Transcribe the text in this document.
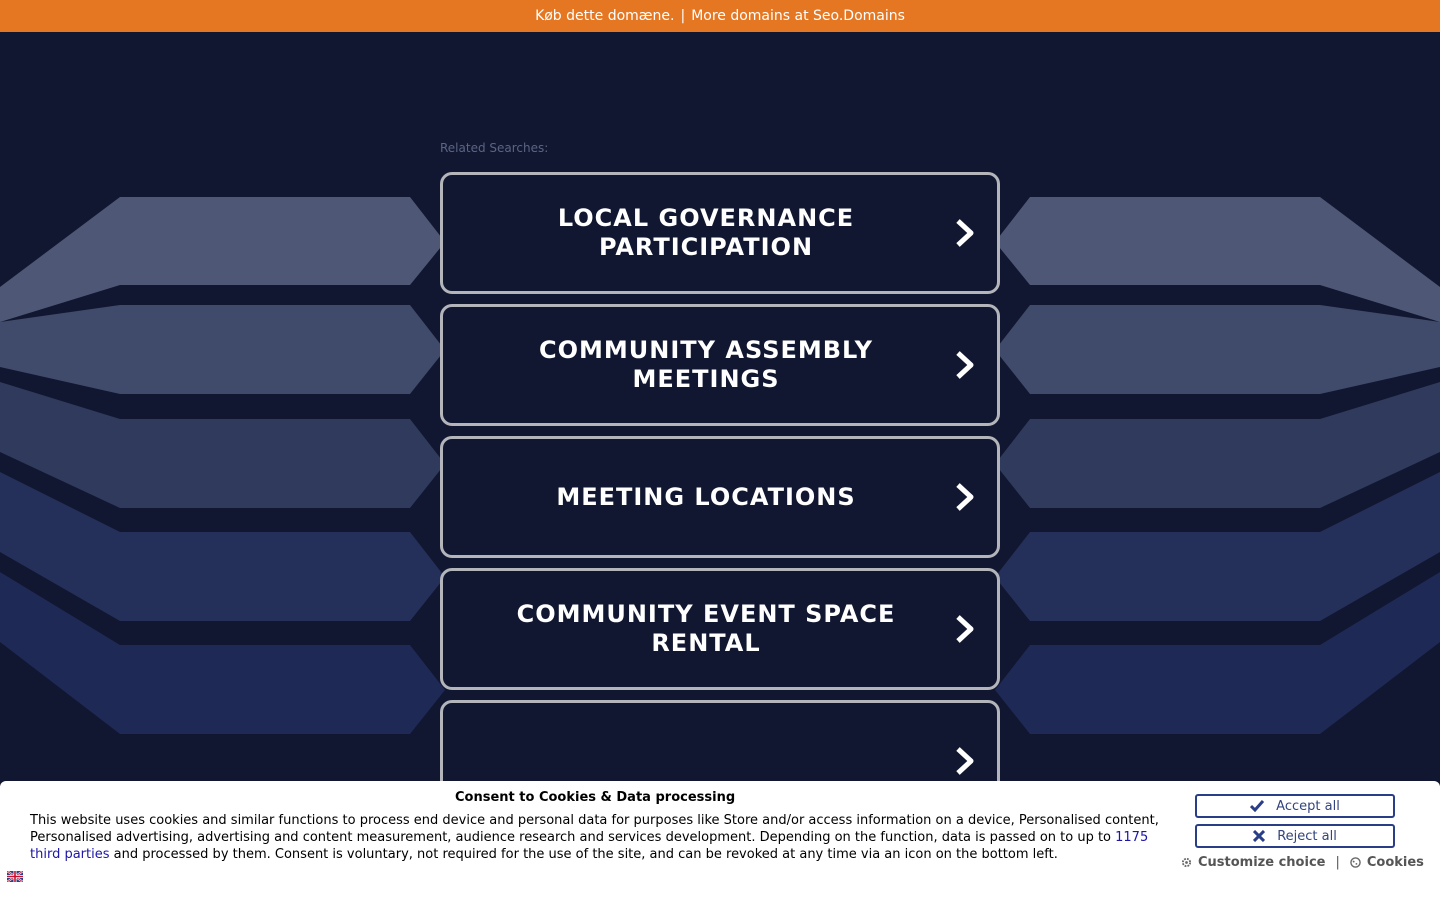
Køb dette domæne. | More domains at Seo.Domains
Related Searches:
LOCAL GOVERNANCE PARTICIPATION
COMMUNITY ASSEMBLY MEETINGS
MEETING LOCATIONS
COMMUNITY EVENT SPACE RENTAL
Consent to Cookies & Data processing
This website uses cookies and similar functions to process end device and personal data for purposes like Store and/or access information on a device, Personalised content, Personalised advertising, advertising and content measurement, audience research and services development. Depending on the function, data is passed on to up to 1175 third parties and processed by them. Consent is voluntary, not required for the use of the site, and can be revoked at any time via an icon on the bottom left.
Accept all
Reject all
Customize choice | Cookies
